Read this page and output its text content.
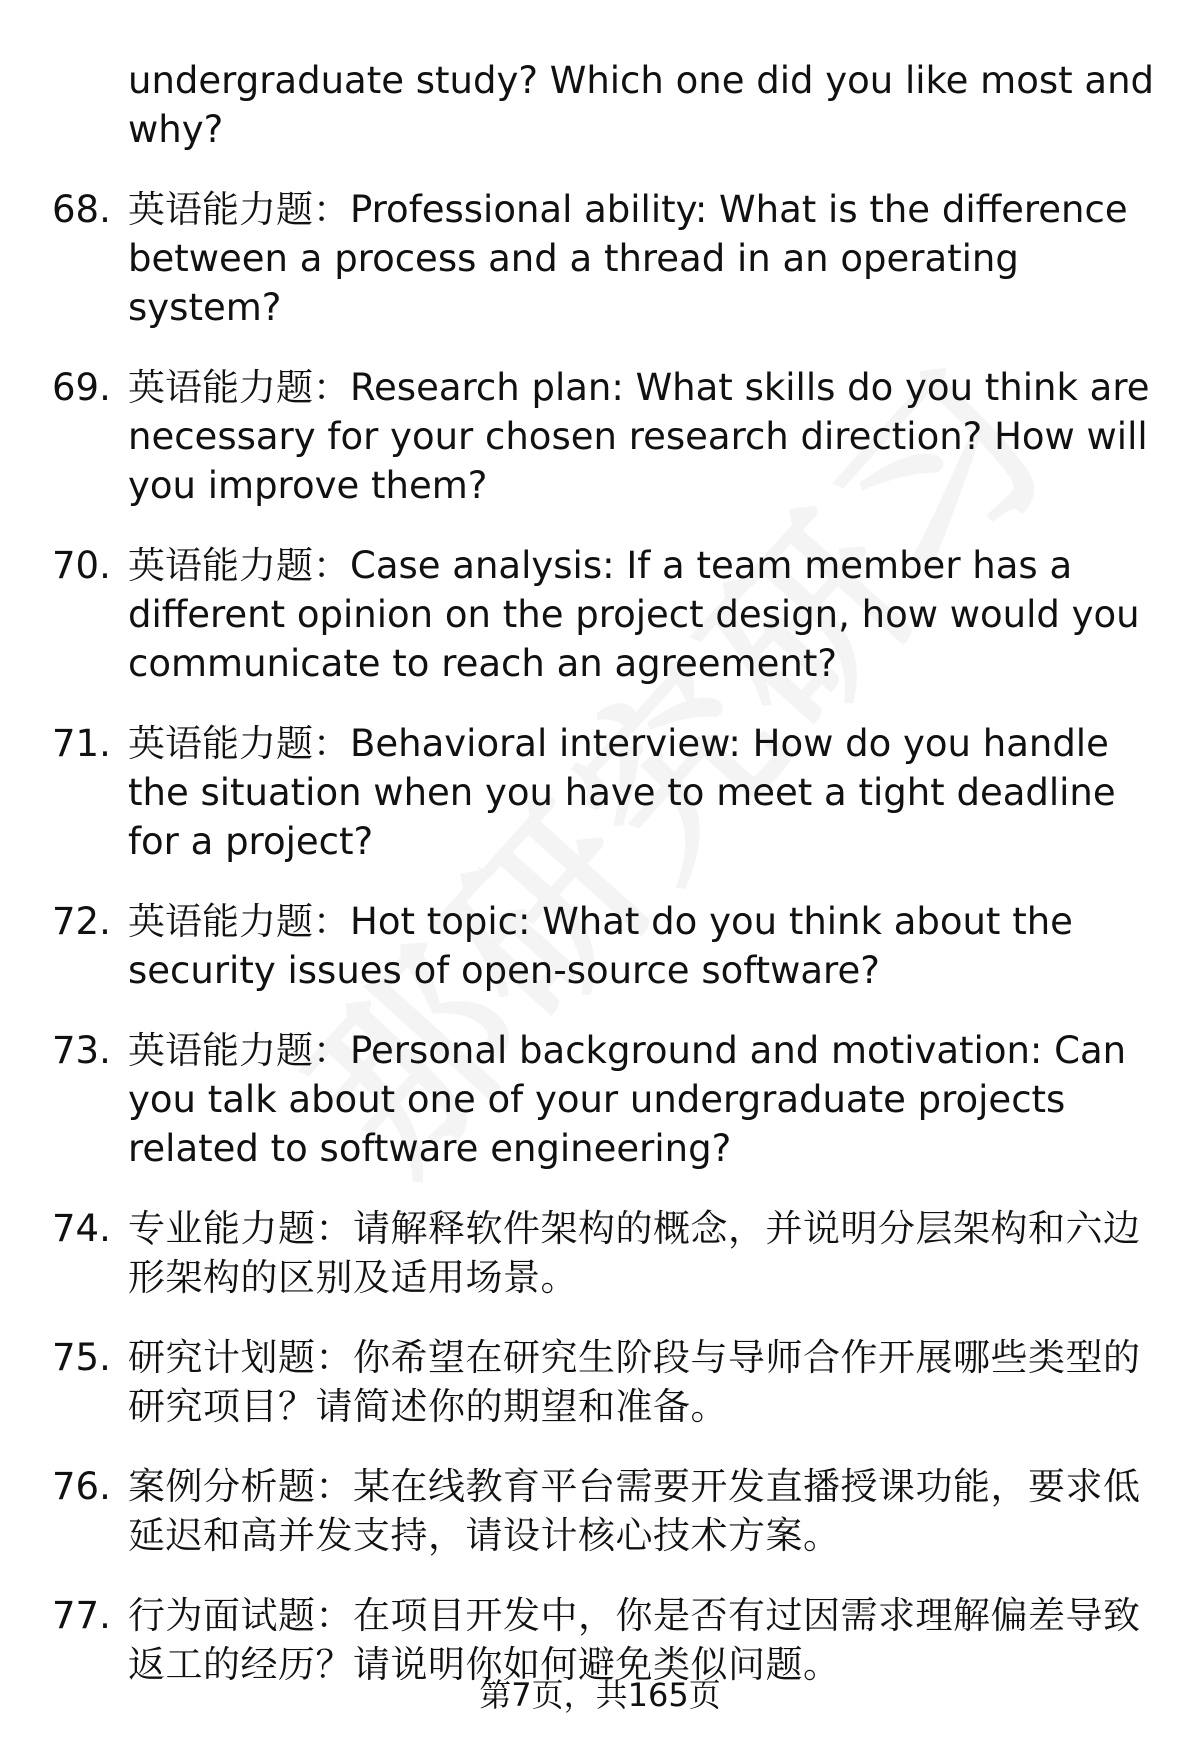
undergraduate study? Which one did you like most and why?
68. 英语能力题：Professional ability: What is the difference between a process and a thread in an operating system?
69. 英语能力题：Research plan: What skills do you think are necessary for your chosen research direction? How will you improve them?
70. 英语能力题：Case analysis: If a team member has a different opinion on the project design, how would you communicate to reach an agreement?
71. 英语能力题：Behavioral interview: How do you handle the situation when you have to meet a tight deadline for a project?
72. 英语能力题：Hot topic: What do you think about the security issues of open-source software?
73. 英语能力题：Personal background and motivation: Can you talk about one of your undergraduate projects related to software engineering?
74. 专业能力题：请解释软件架构的概念，并说明分层架构和六边形架构的区别及适用场景。
75. 研究计划题：你希望在研究生阶段与导师合作开展哪些类型的研究项目？请简述你的期望和准备。
76. 案例分析题：某在线教育平台需要开发直播授课功能，要求低延迟和高并发支持，请设计核心技术方案。
77. 行为面试题：在项目开发中，你是否有过因需求理解偏差导致返工的经历？请说明你如何避免类似问题。
第7页，共165页
